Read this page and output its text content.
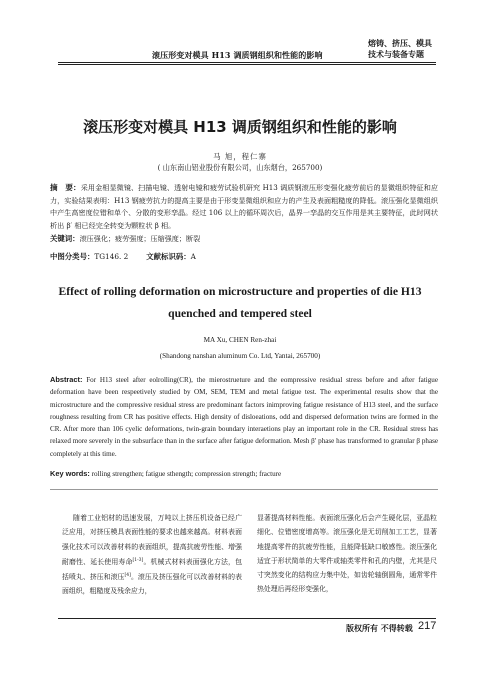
滚压形变对模具 H13 调质钢组织和性能的影响
熔铸、挤压、模具
技术与装备专题
滚压形变对模具 H13 调质钢组织和性能的影响
马 旭，程仁寨
( 山东南山铝业股份有限公司，山东烟台，265700)
摘　要：采用金相显微镜、扫描电镜、透射电镜和疲劳试验机研究 H13 调质钢滚压形变强化疲劳前后的显微组织特征和应力，实验结果表明：H13 钢疲劳抗力的提高主要是由于形变显微组织和应力的产生及表面粗糙度的降低。滚压强化显微组织中产生高密度位错和单个、分散的变形孪晶。经过 106 以上的循环周次后，晶界一孪晶的交互作用是其主要特征，此时网状析出 β′ 相已经完全转变为颗粒状 β 相。
关键词：滚压强化；疲劳强度；压缩强度；断裂
中图分类号：TG146. 2 文献标识码：A
Effect of rolling deformation on microstructure and properties of die H13 quenched and tempered steel
MA Xu, CHEN Ren-zhai
(Shandong nanshan aluminum Co. Ltd, Yantai, 265700)
Abstract: For H13 steel after eolrolling(CR), the mierostrueture and the eompressive residual stress before and after fatigue deformation have been respeetively studied by OM, SEM, TEM and metal fatigue test. The experimental results show that the microstructure and the compressive residual stress are predominant factors inimproving fatigue resistance of H13 steel, and the surface roughness resulting from CR has positive effects. High density of disloeations, odd and dispersed deformation twins are formed in the CR. After more than 106 cyelic deformations, twin-grain boundary interaetions play an important role in the CR. Residual stress has relaxed more severely in the subsurface than in the surface after fatigue deformation. Mesh β′ phase has transformed to granular β phase completely at this time.
Key words: rolling strengthen; fatigue sthength; compression strength; fracture

随着工业铝材的迅速发展，万吨以上挤压机设备已经广泛应用，对挤压模具表面性能的要求也越来越高。材料表面强化技术可以改善材料的表面组织，提高抗疲劳性能、增强耐磨性、延长使用寿命[1-3]。机械式材料表面强化方法，包括喷丸、挤压和滚压[4]。滚压及挤压强化可以改善材料的表面组织，粗糙度及残余应力，

显著提高材料性能。表面滚压强化后会产生硬化层，亚晶粒细化、位错密度增高等。滚压强化是无切削加工工艺，显著地提高零件的抗疲劳性能，且能降低缺口敏感性。滚压强化适宜于形状简单的大零件或轴类零件和孔的内壁，尤其是尺寸突然变化的结构应力集中处，如齿轮轴倒圆角，通常零件热处理后再经形变强化，

版权所有 不得转载 217
